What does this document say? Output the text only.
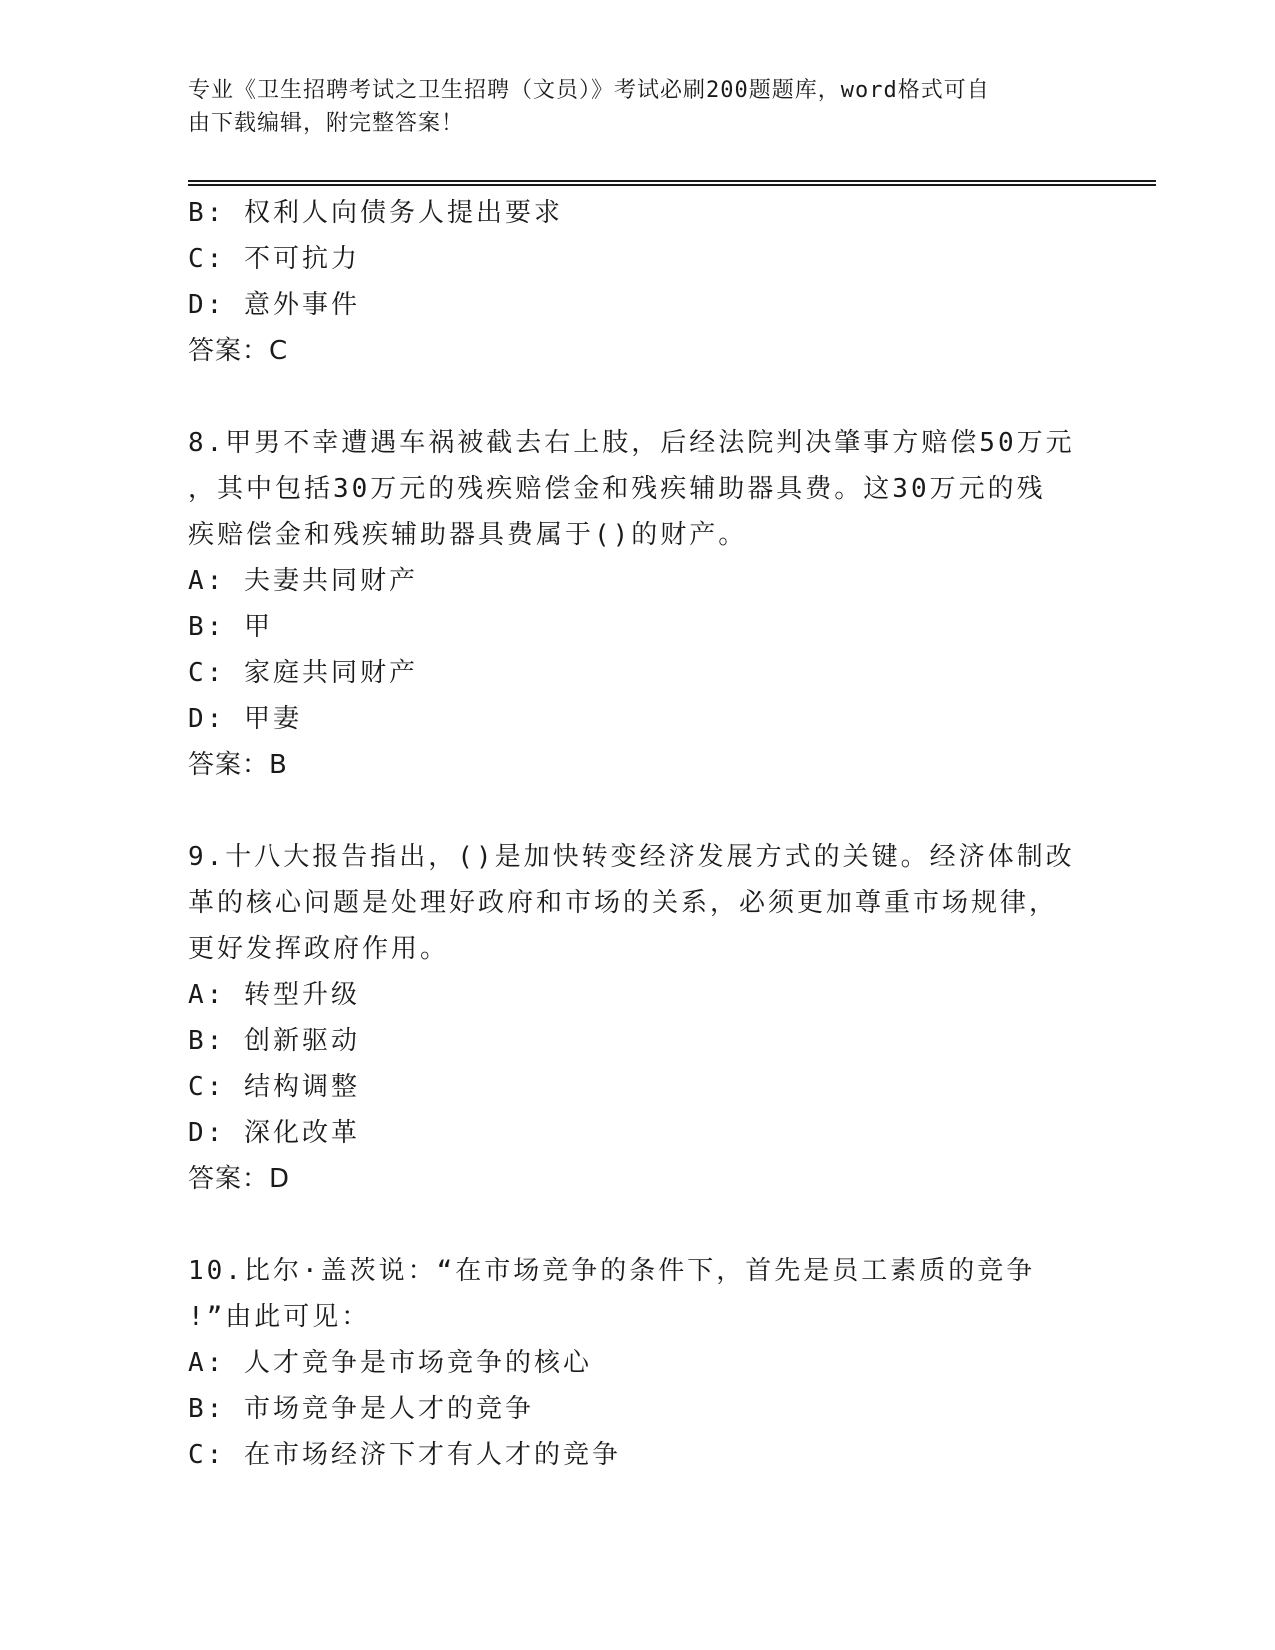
专业《卫生招聘考试之卫生招聘（文员）》考试必刷200题题库，word格式可自
由下载编辑，附完整答案！
B: 权利人向债务人提出要求
C: 不可抗力
D: 意外事件
答案：C
8.甲男不幸遭遇车祸被截去右上肢，后经法院判决肇事方赔偿50万元
，其中包括30万元的残疾赔偿金和残疾辅助器具费。这30万元的残
疾赔偿金和残疾辅助器具费属于()的财产。
A: 夫妻共同财产
B: 甲
C: 家庭共同财产
D: 甲妻
答案：B
9.十八大报告指出，()是加快转变经济发展方式的关键。经济体制改
革的核心问题是处理好政府和市场的关系，必须更加尊重市场规律，
更好发挥政府作用。
A: 转型升级
B: 创新驱动
C: 结构调整
D: 深化改革
答案：D
10.比尔·盖茨说：“在市场竞争的条件下，首先是员工素质的竞争
!”由此可见：
A: 人才竞争是市场竞争的核心
B: 市场竞争是人才的竞争
C: 在市场经济下才有人才的竞争
